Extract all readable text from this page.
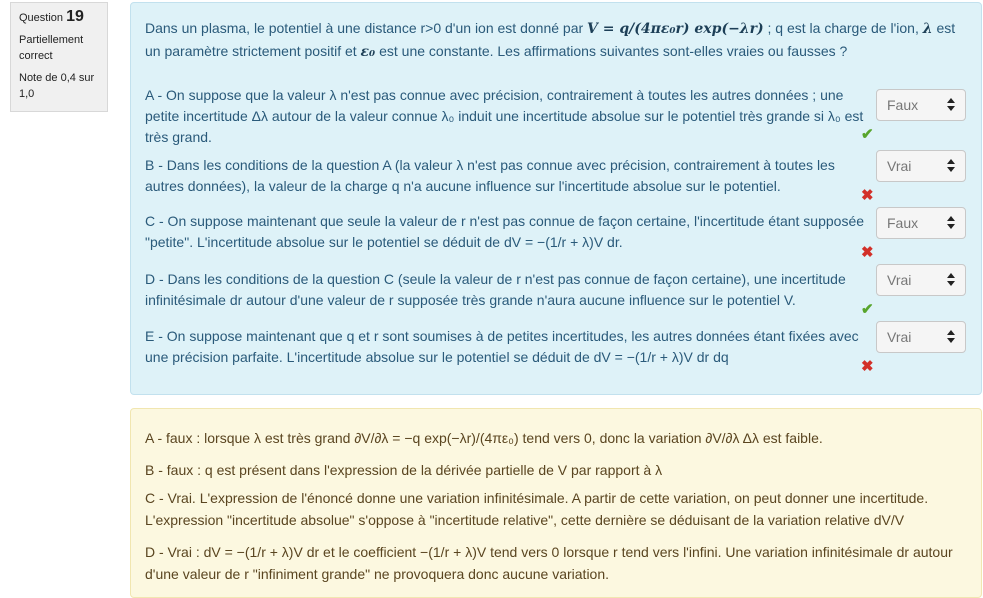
Question 19
Partiellement correct
Note de 0,4 sur 1,0
Dans un plasma, le potentiel à une distance r>0 d'un ion est donné par V = q/(4πε₀r) exp(−λr) ; q est la charge de l'ion, λ est un paramètre strictement positif et ε₀ est une constante. Les affirmations suivantes sont-elles vraies ou fausses ?
A - On suppose que la valeur λ n'est pas connue avec précision, contrairement à toutes les autres données ; une petite incertitude Δλ autour de la valeur connue λ₀ induit une incertitude absolue sur le potentiel très grande si λ₀ est très grand.
Faux
✔
B - Dans les conditions de la question A (la valeur λ n'est pas connue avec précision, contrairement à toutes les autres données), la valeur de la charge q n'a aucune influence sur l'incertitude absolue sur le potentiel.
Vrai
✖
C - On suppose maintenant que seule la valeur de r n'est pas connue de façon certaine, l'incertitude étant supposée "petite". L'incertitude absolue sur le potentiel se déduit de dV = −(1/r + λ)V dr.
Faux
✖
D - Dans les conditions de la question C (seule la valeur de r n'est pas connue de façon certaine), une incertitude infinitésimale dr autour d'une valeur de r supposée très grande n'aura aucune influence sur le potentiel V.
Vrai
✔
E - On suppose maintenant que q et r sont soumises à de petites incertitudes, les autres données étant fixées avec une précision parfaite. L'incertitude absolue sur le potentiel se déduit de dV = −(1/r + λ)V dr dq
Vrai
✖
A - faux : lorsque λ est très grand ∂V/∂λ = −q exp(−λr)/(4πε₀) tend vers 0, donc la variation ∂V/∂λ Δλ est faible.
B - faux : q est présent dans l'expression de la dérivée partielle de V par rapport à λ
C - Vrai. L'expression de l'énoncé donne une variation infinitésimale. A partir de cette variation, on peut donner une incertitude. L'expression "incertitude absolue" s'oppose à "incertitude relative", cette dernière se déduisant de la variation relative dV/V
D - Vrai : dV = −(1/r + λ)V dr et le coefficient −(1/r + λ)V tend vers 0 lorsque r tend vers l'infini. Une variation infinitésimale dr autour d'une valeur de r "infiniment grande" ne provoquera donc aucune variation.
